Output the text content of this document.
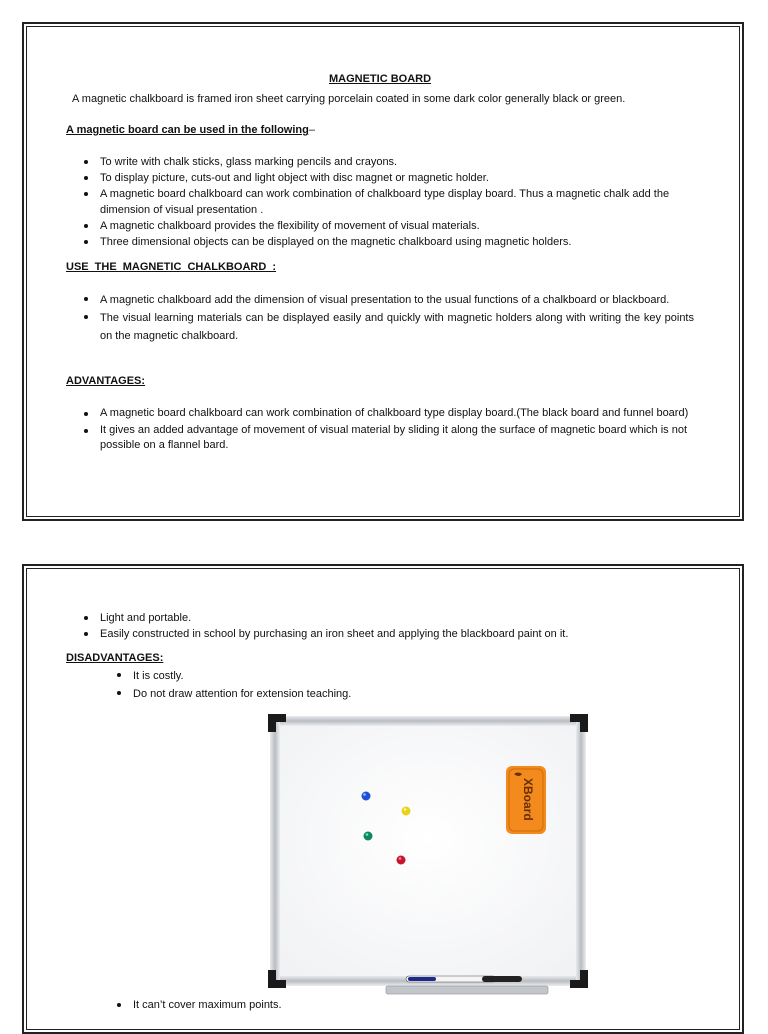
MAGNETIC BOARD
A magnetic chalkboard is framed iron sheet carrying porcelain coated in some dark color generally black or green.
A magnetic board can be used in the following–
To write with chalk sticks, glass marking pencils and crayons.
To display picture, cuts-out and light object with disc magnet or magnetic holder.
A magnetic board chalkboard can work combination of chalkboard type display board. Thus a magnetic chalk add the dimension of visual presentation .
A magnetic chalkboard provides the flexibility of movement of visual materials.
Three dimensional objects can be displayed on the magnetic chalkboard using magnetic holders.
USE THE MAGNETIC CHALKBOARD :
A magnetic chalkboard add the dimension of visual presentation to the usual functions of a chalkboard or blackboard.
The visual learning materials can be displayed easily and quickly with magnetic holders along with writing the key points on the magnetic chalkboard.
ADVANTAGES:
A magnetic board chalkboard can work combination of chalkboard type display board.(The black board and funnel board)
It gives an added advantage of movement of visual material by sliding it along the surface of magnetic board which is not possible on a flannel bard.
Light and portable.
Easily constructed in school by purchasing an iron sheet and applying the blackboard paint on it.
DISADVANTAGES:
It is costly.
Do not draw attention for extension teaching.
XBoard
It can’t cover maximum points.
